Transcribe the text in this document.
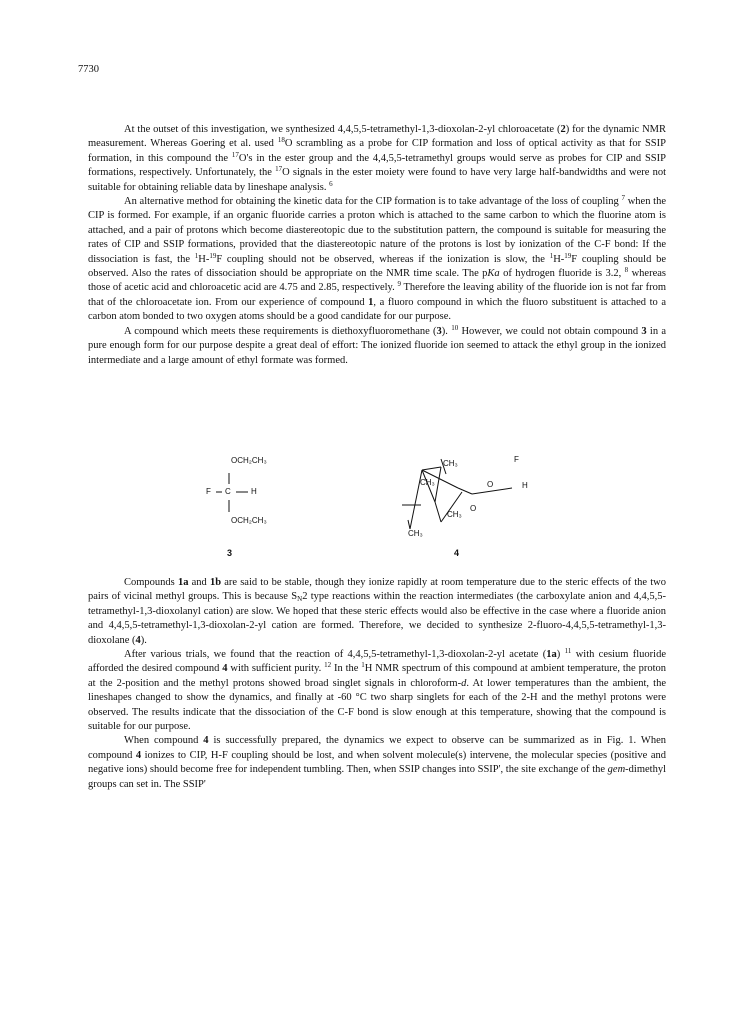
7730

At the outset of this investigation, we synthesized 4,4,5,5-tetramethyl-1,3-dioxolan-2-yl chloroacetate (2) for the dynamic NMR measurement. Whereas Goering et al. used $^{18}$O scrambling as a probe for CIP formation and loss of optical activity as that for SSIP formation, in this compound the $^{17}$O's in the ester group and the 4,4,5,5-tetramethyl groups would serve as probes for CIP and SSIP formations, respectively. Unfortunately, the $^{17}$O signals in the ester moiety were found to have very large half-bandwidths and were not suitable for obtaining reliable data by lineshape analysis. $^6$

An alternative method for obtaining the kinetic data for the CIP formation is to take advantage of the loss of coupling $^7$ when the CIP is formed. For example, if an organic fluoride carries a proton which is attached to the same carbon to which the fluorine atom is attached, and a pair of protons which become diastereotopic due to the substitution pattern, the compound is suitable for measuring the rates of CIP and SSIP formations, provided that the diastereotopic nature of the protons is lost by ionization of the C-F bond: If the dissociation is fast, the $^1$H-$^{19}$F coupling should not be observed, whereas if the ionization is slow, the $^1$H-$^{19}$F coupling should be observed. Also the rates of dissociation should be appropriate on the NMR time scale. The pKa of hydrogen fluoride is 3.2, $^8$ whereas those of acetic acid and chloroacetic acid are 4.75 and 2.85, respectively. $^9$ Therefore the leaving ability of the fluoride ion is not far from that of the chloroacetate ion. From our experience of compound 1, a fluoro compound in which the fluoro substituent is attached to a carbon atom bonded to two oxygen atoms should be a good candidate for our purpose.

A compound which meets these requirements is diethoxyfluoromethane (3). $^{10}$ However, we could not obtain compound 3 in a pure enough form for our purpose despite a great deal of effort: The ionized fluoride ion seemed to attack the ethyl group in the ionized intermediate and a large amount of ethyl formate was formed.

OCH₂CH₃
F C	H
OCH₂CH₃
3
F
CH₃
CH₃	O	H
O
CH₃
CH₃
4

Compounds 1a and 1b are said to be stable, though they ionize rapidly at room temperature due to the steric effects of the two pairs of vicinal methyl groups. This is because $S_N2$ type reactions within the reaction intermediates (the carboxylate anion and 4,4,5,5-tetramethyl-1,3-dioxolanyl cation) are slow. We hoped that these steric effects would also be effective in the case where a fluoride anion and 4,4,5,5-tetramethyl-1,3-dioxolan-2-yl cation are formed. Therefore, we decided to synthesize 2-fluoro-4,4,5,5-tetramethyl-1,3-dioxolane (4).

After various trials, we found that the reaction of 4,4,5,5-tetramethyl-1,3-dioxolan-2-yl acetate (1a) $^{11}$ with cesium fluoride afforded the desired compound 4 with sufficient purity. $^{12}$ In the $^1$H NMR spectrum of this compound at ambient temperature, the proton at the 2-position and the methyl protons showed broad singlet signals in chloroform-d. At lower temperatures than the ambient, the lineshapes changed to show the dynamics, and finally at -60 °C two sharp singlets for each of the 2-H and the methyl protons were observed. The results indicate that the dissociation of the C-F bond is slow enough at this temperature, showing that the compound is suitable for our purpose.

When compound 4 is successfully prepared, the dynamics we expect to observe can be summarized as in Fig. 1. When compound 4 ionizes to CIP, H-F coupling should be lost, and when solvent molecule(s) intervene, the molecular species (positive and negative ions) should become free for independent tumbling. Then, when SSIP changes into SSIP', the site exchange of the gem-dimethyl groups can set in. The SSIP'
